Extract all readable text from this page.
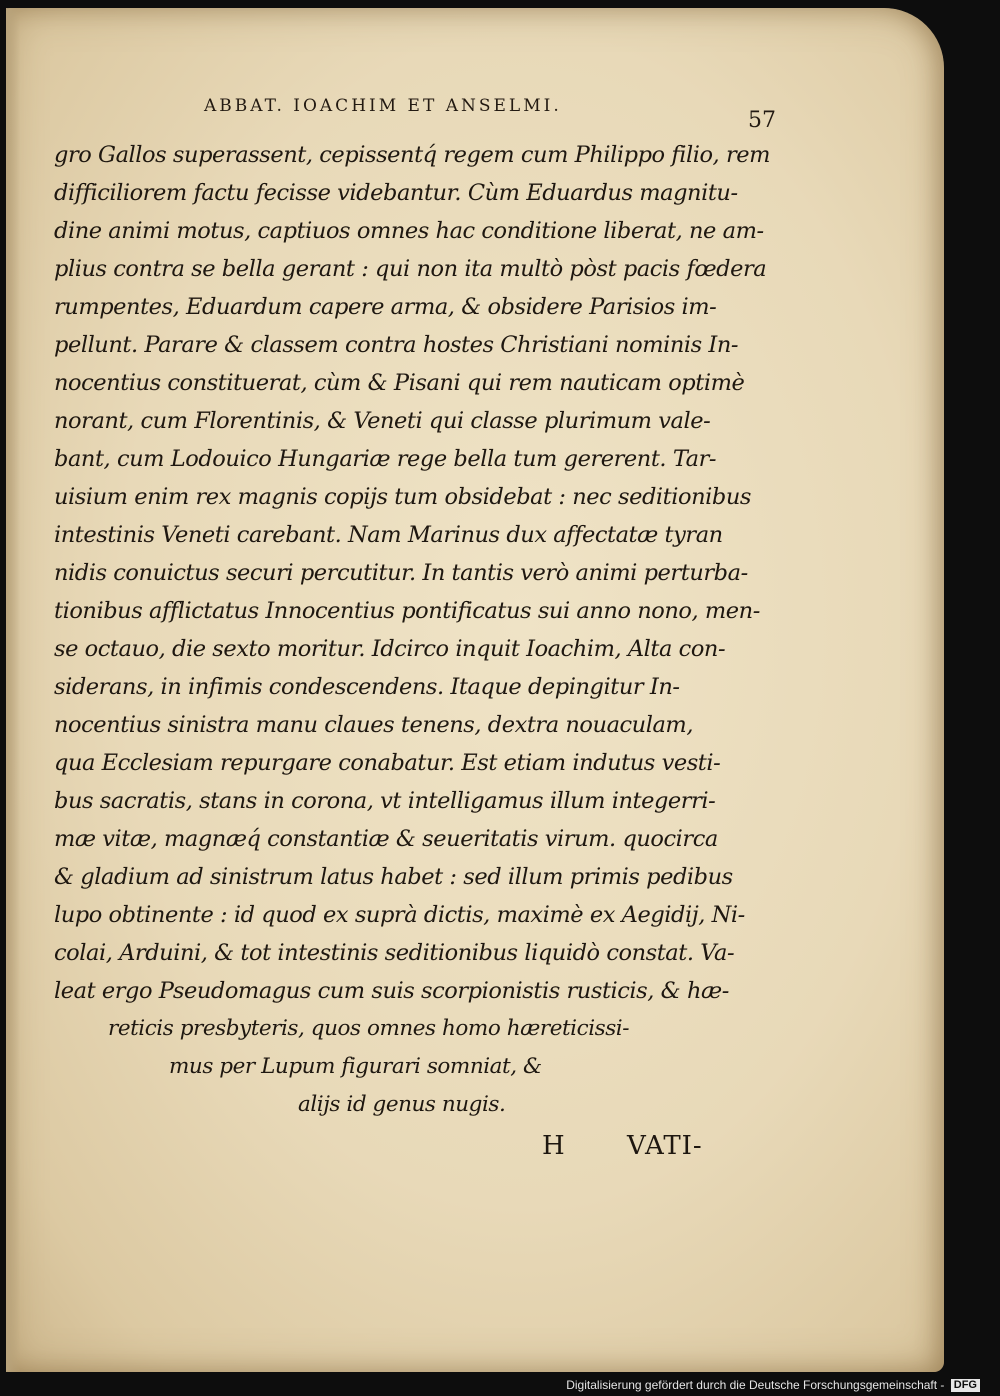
ABBAT. IOACHIM ET ANSELMI.
57
gro Gallos superassent, cepissentq́ regem cum Philippo filio, rem
difficiliorem factu fecisse videbantur. Cùm Eduardus magnitu-
dine animi motus, captiuos omnes hac conditione liberat, ne am-
plius contra se bella gerant : qui non ita multò pòst pacis fœdera
rumpentes, Eduardum capere arma, & obsidere Parisios im-
pellunt. Parare & classem contra hostes Christiani nominis In-
nocentius constituerat, cùm & Pisani qui rem nauticam optimè
norant, cum Florentinis, & Veneti qui classe plurimum vale-
bant, cum Lodouico Hungariæ rege bella tum gererent. Tar-
uisium enim rex magnis copijs tum obsidebat : nec seditionibus
intestinis Veneti carebant. Nam Marinus dux affectatæ tyran
nidis conuictus securi percutitur. In tantis verò animi perturba-
tionibus afflictatus Innocentius pontificatus sui anno nono, men-
se octauo, die sexto moritur. Idcirco inquit Ioachim, Alta con-
siderans, in infimis condescendens. Itaque depingitur In-
nocentius sinistra manu claues tenens, dextra nouaculam,
qua Ecclesiam repurgare conabatur. Est etiam indutus vesti-
bus sacratis, stans in corona, vt intelligamus illum integerri-
mæ vitæ, magnæq́ constantiæ & seueritatis virum. quocirca
& gladium ad sinistrum latus habet : sed illum primis pedibus
lupo obtinente : id quod ex suprà dictis, maximè ex Aegidij, Ni-
colai, Arduini, & tot intestinis seditionibus liquidò constat. Va-
leat ergo Pseudomagus cum suis scorpionistis rusticis, & hæ-
reticis presbyteris, quos omnes homo hæreticissi-
mus per Lupum figurari somniat, &
alijs id genus nugis.
H VATI-
Digitalisierung gefördert durch die Deutsche Forschungsgemeinschaft - DFG
